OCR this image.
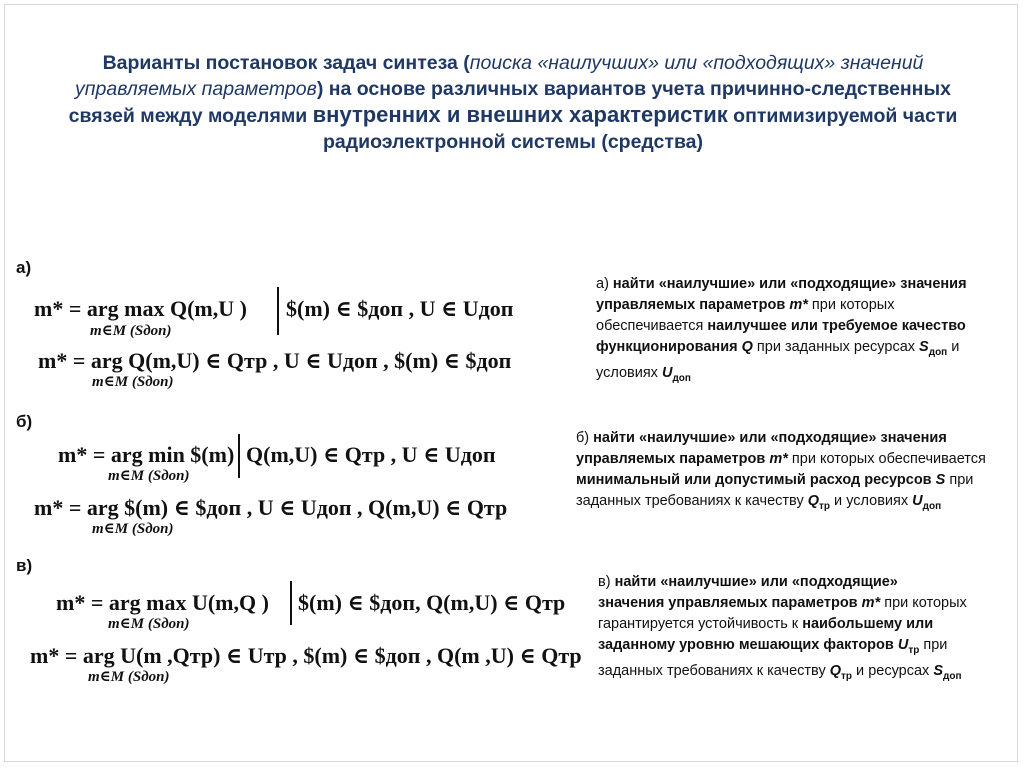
Варианты постановок задач синтеза (поиска «наилучших» или «подходящих» значений управляемых параметров) на основе различных вариантов учета причинно-следственных связей между моделями внутренних и внешних характеристик оптимизируемой части радиоэлектронной системы (средства)
а)
б)
в)
m* = arg max Q(m,U ) $(m) ∈ $доп , U ∈ Uдоп
m∈M (Sдоп)
m* = arg Q(m,U) ∈ Qтр , U ∈ Uдоп , $(m) ∈ $доп
m∈M (Sдоп)
m* = arg min $(m) Q(m,U) ∈ Qтр , U ∈ Uдоп
m∈M (Sдоп)
m* = arg $(m) ∈ $доп , U ∈ Uдоп , Q(m,U) ∈ Qтр
m∈M (Sдоп)
m* = arg max U(m,Q ) $(m) ∈ $доп, Q(m,U) ∈ Qтр
m∈M (Sдоп)
m* = arg U(m ,Qтр) ∈ Uтр , $(m) ∈ $доп , Q(m ,U) ∈ Qтр
m∈M (Sдоп)
а) найти «наилучшие» или «подходящие» значения управляемых параметров m* при которых обеспечивается наилучшее или требуемое качество функционирования Q при заданных ресурсах $S_{доп}$ и условиях $U_{доп}$
б) найти «наилучшие» или «подходящие» значения управляемых параметров m* при которых обеспечивается минимальный или допустимый расход ресурсов S при заданных требованиях к качеству $Q_{тр}$ и условиях $U_{доп}$
в) найти «наилучшие» или «подходящие» значения управляемых параметров m* при которых гарантируется устойчивость к наибольшему или заданному уровню мешающих факторов $U_{тр}$ при заданных требованиях к качеству $Q_{тр}$ и ресурсах $S_{доп}$
